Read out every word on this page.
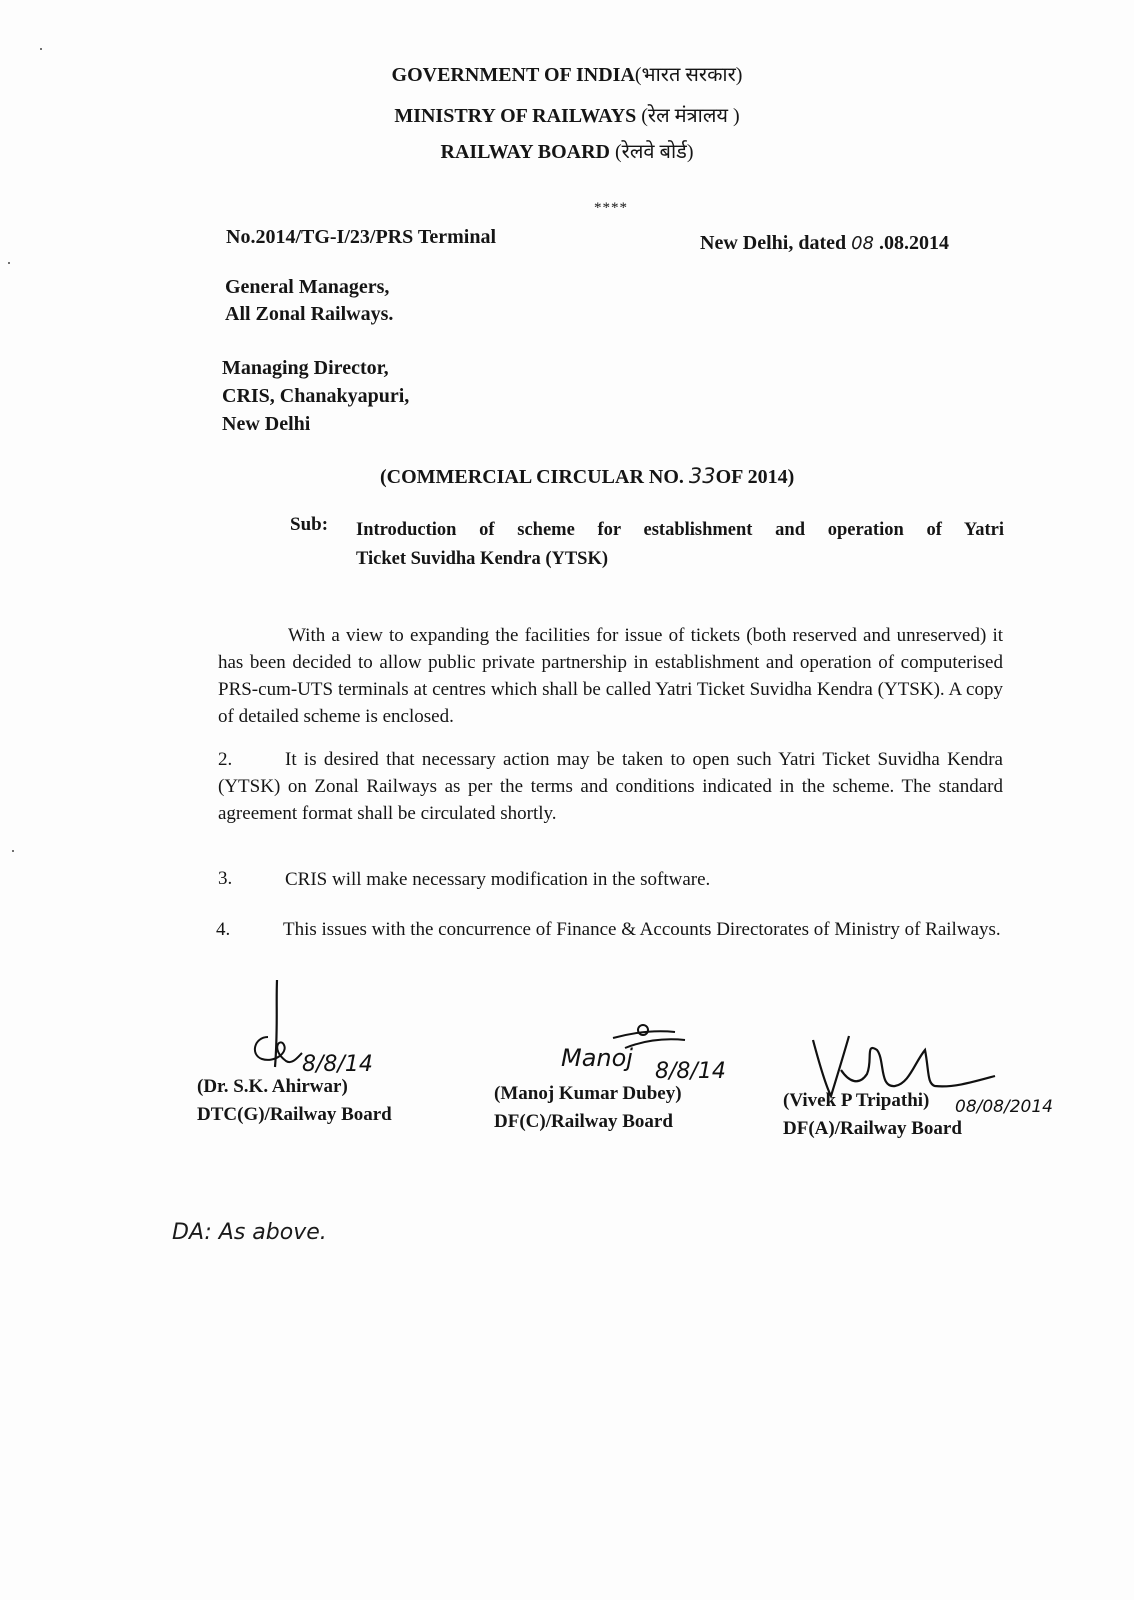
GOVERNMENT OF INDIA(भारत सरकार)
MINISTRY OF RAILWAYS (रेल मंत्रालय )
RAILWAY BOARD (रेलवे बोर्ड)
****
No.2014/TG-I/23/PRS Terminal	New Delhi, dated 08 .08.2014
General Managers,
All Zonal Railways.
Managing Director,
CRIS, Chanakyapuri,
New Delhi
(COMMERCIAL CIRCULAR NO. 33OF 2014)
Sub: Introduction of scheme for establishment and operation of Yatri
Ticket Suvidha Kendra (YTSK)
With a view to expanding the facilities for issue of tickets (both reserved and unreserved) it has been decided to allow public private partnership in establishment and operation of computerised PRS-cum-UTS terminals at centres which shall be called Yatri Ticket Suvidha Kendra (YTSK). A copy of detailed scheme is enclosed.
2.	It is desired that necessary action may be taken to open such Yatri Ticket Suvidha Kendra (YTSK) on Zonal Railways as per the terms and conditions indicated in the scheme. The standard agreement format shall be circulated shortly.
3.	CRIS will make necessary modification in the software.
4.	This issues with the concurrence of Finance & Accounts Directorates of Ministry of Railways.
8/8/14	Manoj 8/8/14
08/08/2014
(Dr. S.K. Ahirwar)
DTC(G)/Railway Board
(Manoj Kumar Dubey)
DF(C)/Railway Board
(Vivek P Tripathi)
DF(A)/Railway Board
DA: As above.
